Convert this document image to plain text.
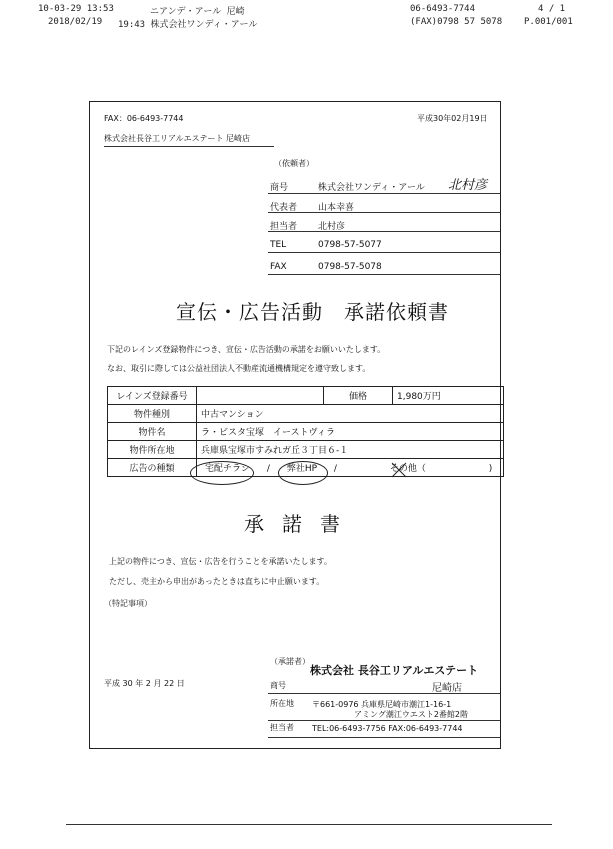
10-03-29 13:53	ニアンデ・アール 尼崎	06-6493-7744	4 / 1
2018/02/19 19:43 株式会社ワンディ・アール	(FAX)0798 57 5078 P.001/001
FAX：06-6493-7744	平成30年02月19日
株式会社長谷工リアルエステート 尼崎店
（依頼者）
商号	株式会社ワンディ・アール 北村彦
代表者 山本幸喜
担当者 北村彦
TEL	0798-57-5077
FAX	0798-57-5078
宣伝・広告活動　承諾依頼書
下記のレインズ登録物件につき、宣伝・広告活動の承諾をお願いいたします。
なお、取引に際しては公益社団法人不動産流通機構規定を遵守致します。
レインズ登録番号		価格	1,980万円
物件種別	中古マンション		
物件名	ラ・ビスタ宝塚　イーストヴィラ		
物件所在地	兵庫県宝塚市すみれガ丘３丁目６-１		
広告の種類	宅配チラシ / 弊社HP / その他（ )		
承諾書
上記の物件につき、宣伝・広告を行うことを承諾いたします。
ただし、売主から申出があったときは直ちに中止願います。
（特記事項）
平成 30 年 2 月 22 日
（承諾者）
株式会社 長谷工リアルエステート
商号	尼崎店
所在地 〒661-0976 兵庫県尼崎市潮江1-16-1
アミング潮江ウエスト2番館2階
担当者 TEL:06-6493-7756 FAX:06-6493-7744
